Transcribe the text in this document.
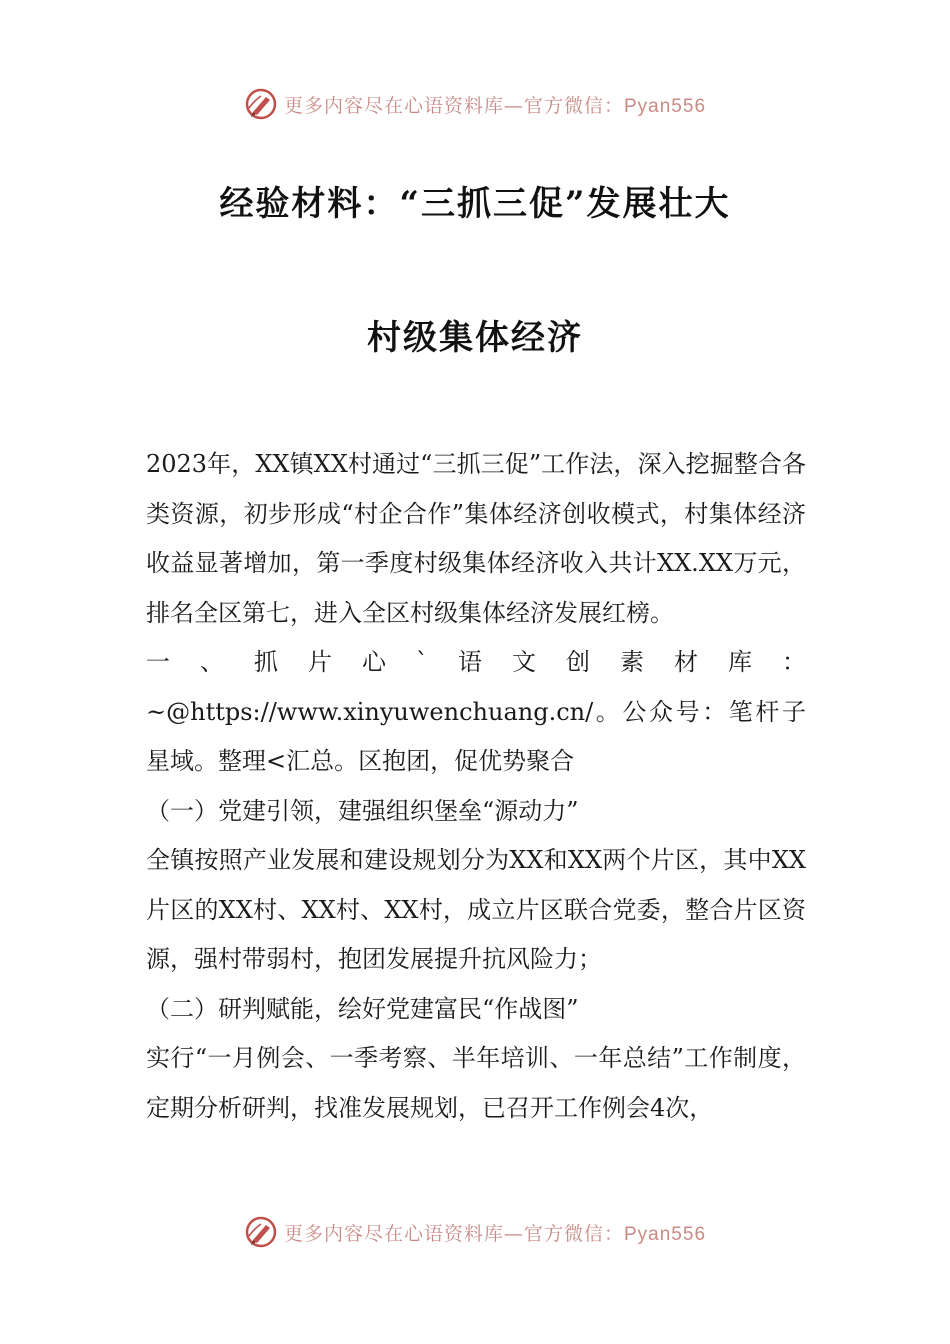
更多内容尽在心语资料库—官方微信：Pyan556
经验材料：“三抓三促”发展壮大
村级集体经济

2023年，XX镇XX村通过“三抓三促”工作法，深入挖掘整合各类资源，初步形成“村企合作”集体经济创收模式，村集体经济收益显著增加，第一季度村级集体经济收入共计XX.XX万元，排名全区第七，进入全区村级集体经济发展红榜。

一、抓片心`语文创素材库：~@https://www.xinyuwenchuang.cn/。公众号：笔杆子星域。整理<汇总。区抱团，促优势聚合

（一）党建引领，建强组织堡垒“源动力”

全镇按照产业发展和建设规划分为XX和XX两个片区，其中XX片区的XX村、XX村、XX村，成立片区联合党委，整合片区资源，强村带弱村，抱团发展提升抗风险力；

（二）研判赋能，绘好党建富民“作战图”

实行“一月例会、一季考察、半年培训、一年总结”工作制度，定期分析研判，找准发展规划，已召开工作例会4次，

更多内容尽在心语资料库—官方微信：Pyan556
